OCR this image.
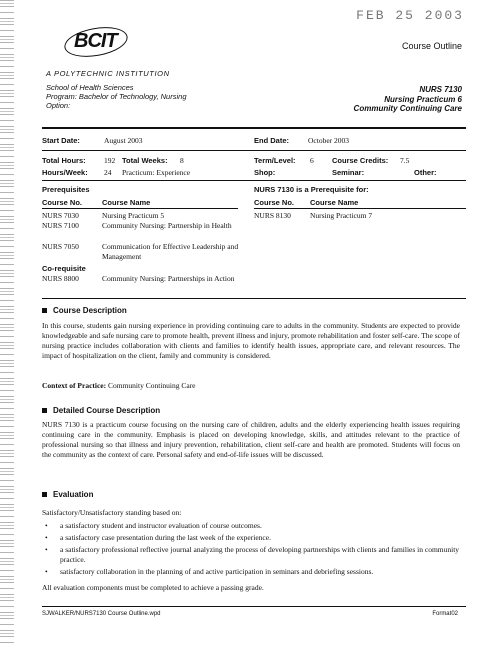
FEB 25 2003
Course Outline
BCIT
A POLYTECHNIC INSTITUTION
School of Health Sciences
Program: Bachelor of Technology, Nursing
Option:
NURS 7130
Nursing Practicum 6
Community Continuing Care
Start Date:	August 2003	End Date:	October 2003
Total Hours: 192 Total Weeks: 8	Term/Level: 6 Course Credits: 7.5
Hours/Week: 24 Practicum: Experience	Shop:	Seminar:	Other:
Prerequisites
Course No.	Course Name
NURS 7030	Nursing Practicum 5
NURS 7100	Community Nursing: Partnership in Health
NURS 7050	Communication for Effective Leadership and Management
Co-requisite
NURS 8800	Community Nursing: Partnerships in Action
NURS 7130 is a Prerequisite for:
Course No. Course Name
NURS 8130	Nursing Practicum 7
Course Description
In this course, students gain nursing experience in providing continuing care to adults in the community. Students are expected to provide knowledgeable and safe nursing care to promote health, prevent illness and injury, promote rehabilitation and foster self-care. The scope of nursing practice includes collaboration with clients and families to identify health issues, appropriate care, and relevant resources. The impact of hospitalization on the client, family and community is considered.
Context of Practice: Community Continuing Care
Detailed Course Description
NURS 7130 is a practicum course focusing on the nursing care of children, adults and the elderly experiencing health issues requiring continuing care in the community. Emphasis is placed on developing knowledge, skills, and attitudes relevant to the practice of professional nursing so that illness and injury prevention, rehabilitation, client self-care and health are promoted. Students will focus on the community as the context of care. Personal safety and end-of-life issues will be discussed.
Evaluation
Satisfactory/Unsatisfactory standing based on:
• a satisfactory student and instructor evaluation of course outcomes.
• a satisfactory case presentation during the last week of the experience.
• a satisfactory professional reflective journal analyzing the process of developing partnerships with clients and families in community practice.
• satisfactory collaboration in the planning of and active participation in seminars and debriefing sessions.
All evaluation components must be completed to achieve a passing grade.
SJWALKER/NURS7130 Course Outline.wpd	Format02
